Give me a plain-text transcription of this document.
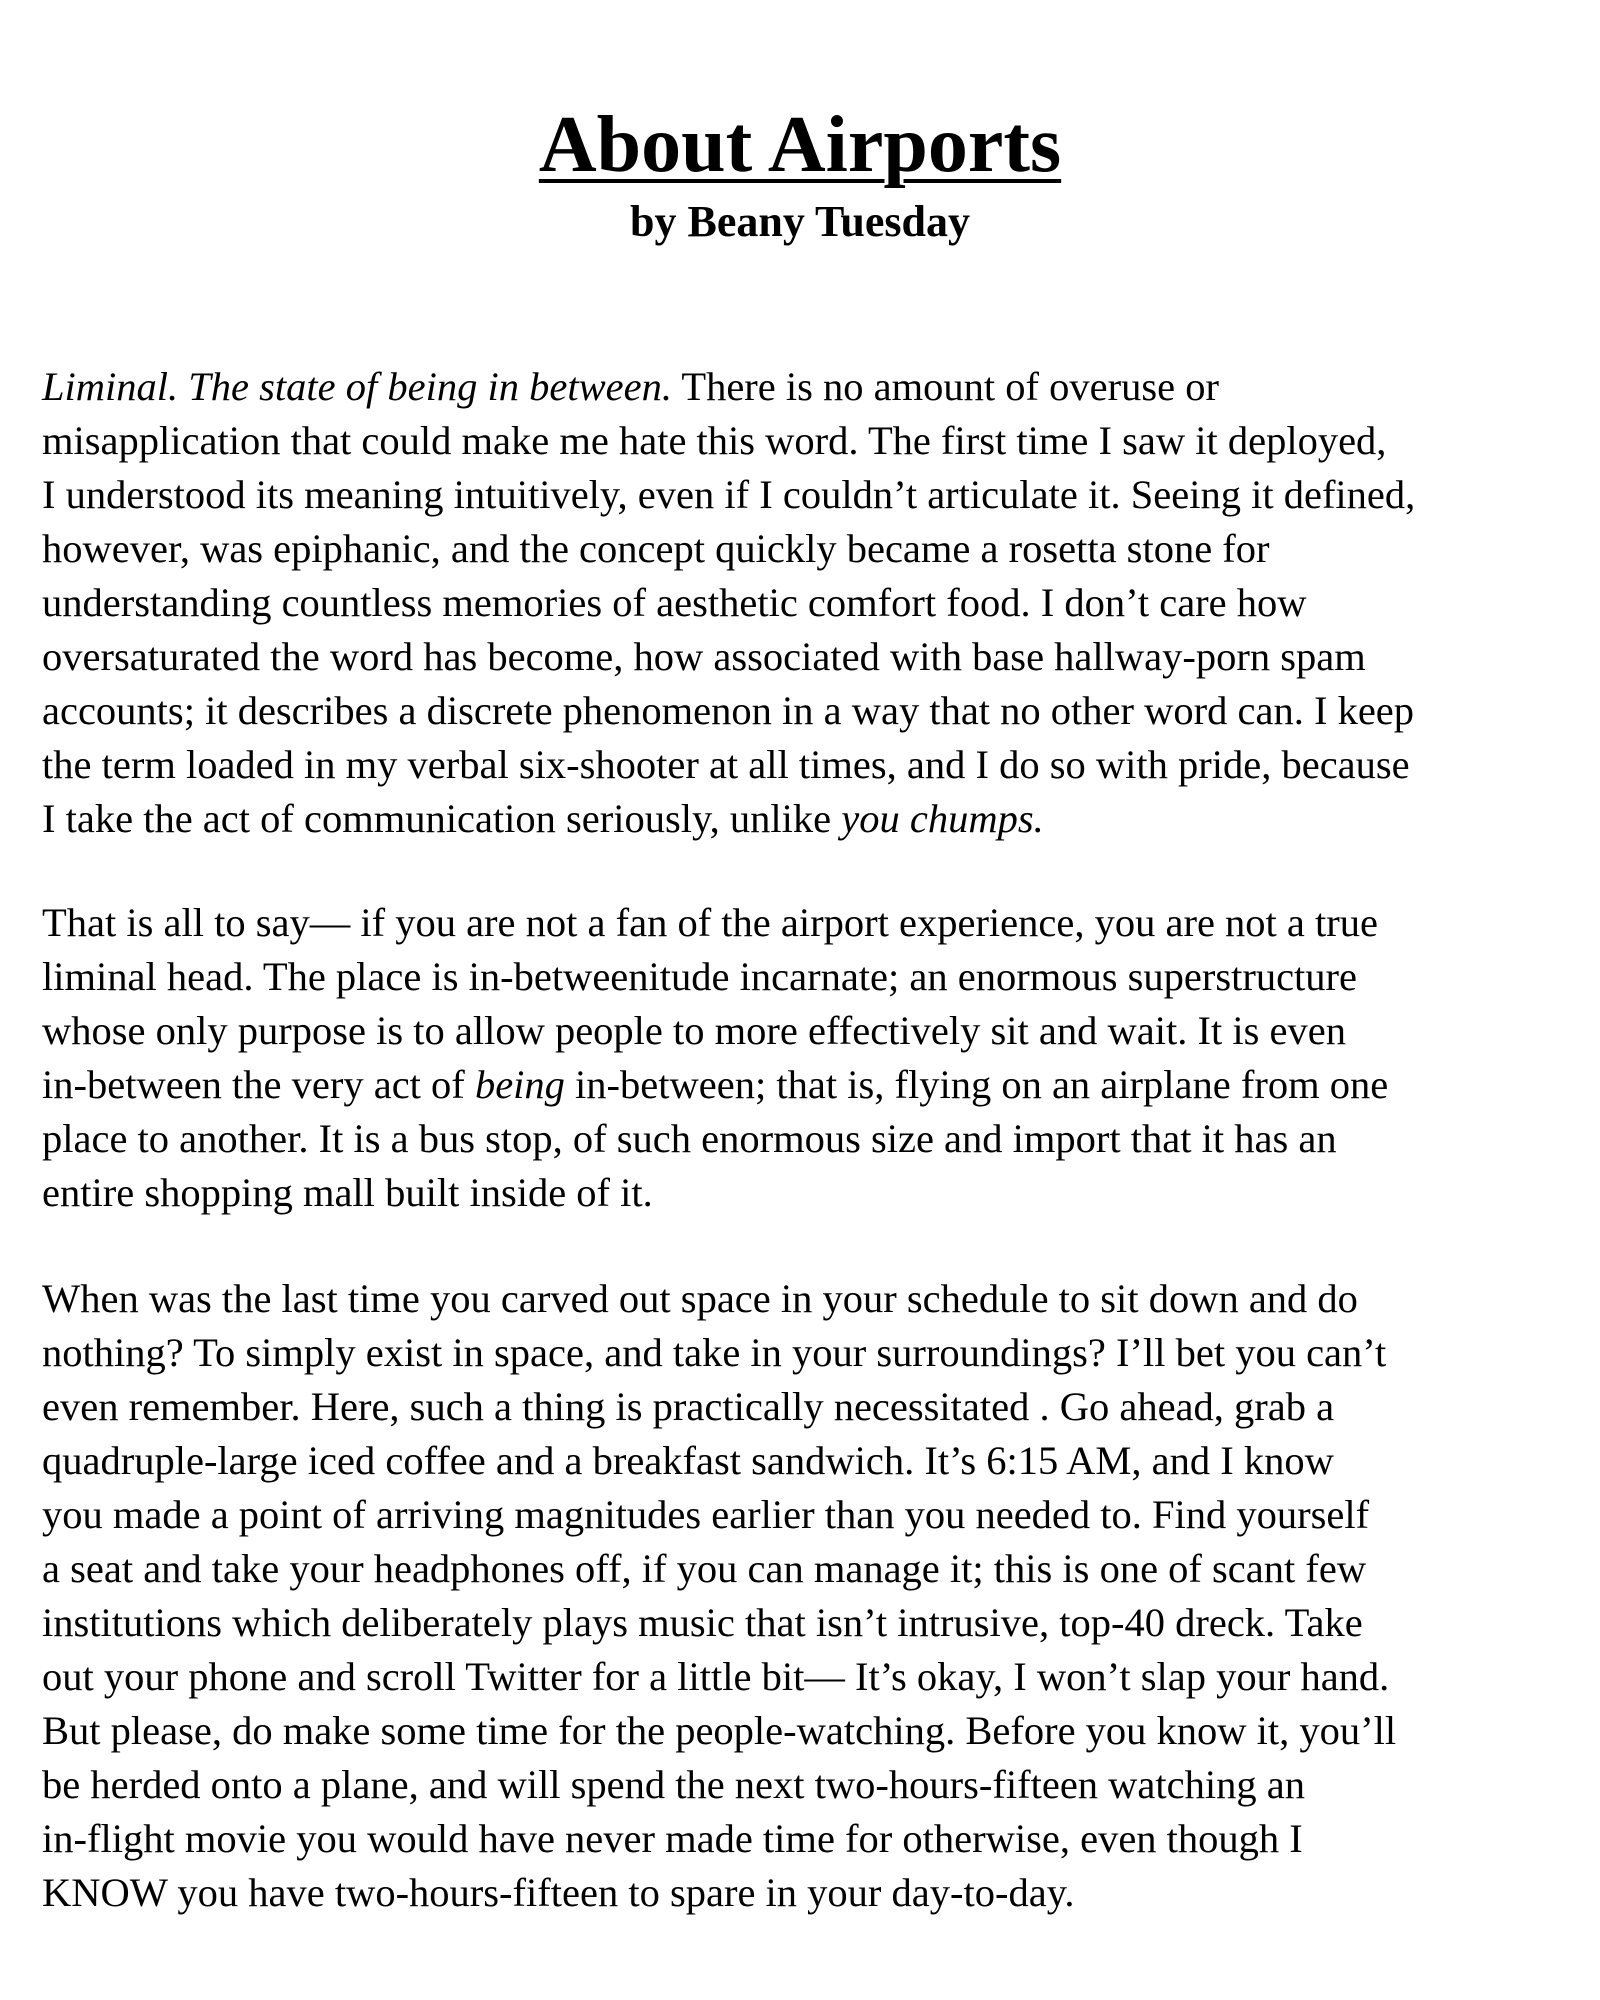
About Airports
by Beany Tuesday
Liminal. The state of being in between. There is no amount of overuse or
misapplication that could make me hate this word. The first time I saw it deployed,
I understood its meaning intuitively, even if I couldn’t articulate it. Seeing it defined,
however, was epiphanic, and the concept quickly became a rosetta stone for
understanding countless memories of aesthetic comfort food. I don’t care how
oversaturated the word has become, how associated with base hallway-porn spam
accounts; it describes a discrete phenomenon in a way that no other word can. I keep
the term loaded in my verbal six-shooter at all times, and I do so with pride, because
I take the act of communication seriously, unlike you chumps.
That is all to say— if you are not a fan of the airport experience, you are not a true
liminal head. The place is in-betweenitude incarnate; an enormous superstructure
whose only purpose is to allow people to more effectively sit and wait. It is even
in-between the very act of being in-between; that is, flying on an airplane from one
place to another. It is a bus stop, of such enormous size and import that it has an
entire shopping mall built inside of it.
When was the last time you carved out space in your schedule to sit down and do
nothing? To simply exist in space, and take in your surroundings? I’ll bet you can’t
even remember. Here, such a thing is practically necessitated . Go ahead, grab a
quadruple-large iced coffee and a breakfast sandwich. It’s 6:15 AM, and I know
you made a point of arriving magnitudes earlier than you needed to. Find yourself
a seat and take your headphones off, if you can manage it; this is one of scant few
institutions which deliberately plays music that isn’t intrusive, top-40 dreck. Take
out your phone and scroll Twitter for a little bit— It’s okay, I won’t slap your hand.
But please, do make some time for the people-watching. Before you know it, you’ll
be herded onto a plane, and will spend the next two-hours-fifteen watching an
in-flight movie you would have never made time for otherwise, even though I
KNOW you have two-hours-fifteen to spare in your day-to-day.
